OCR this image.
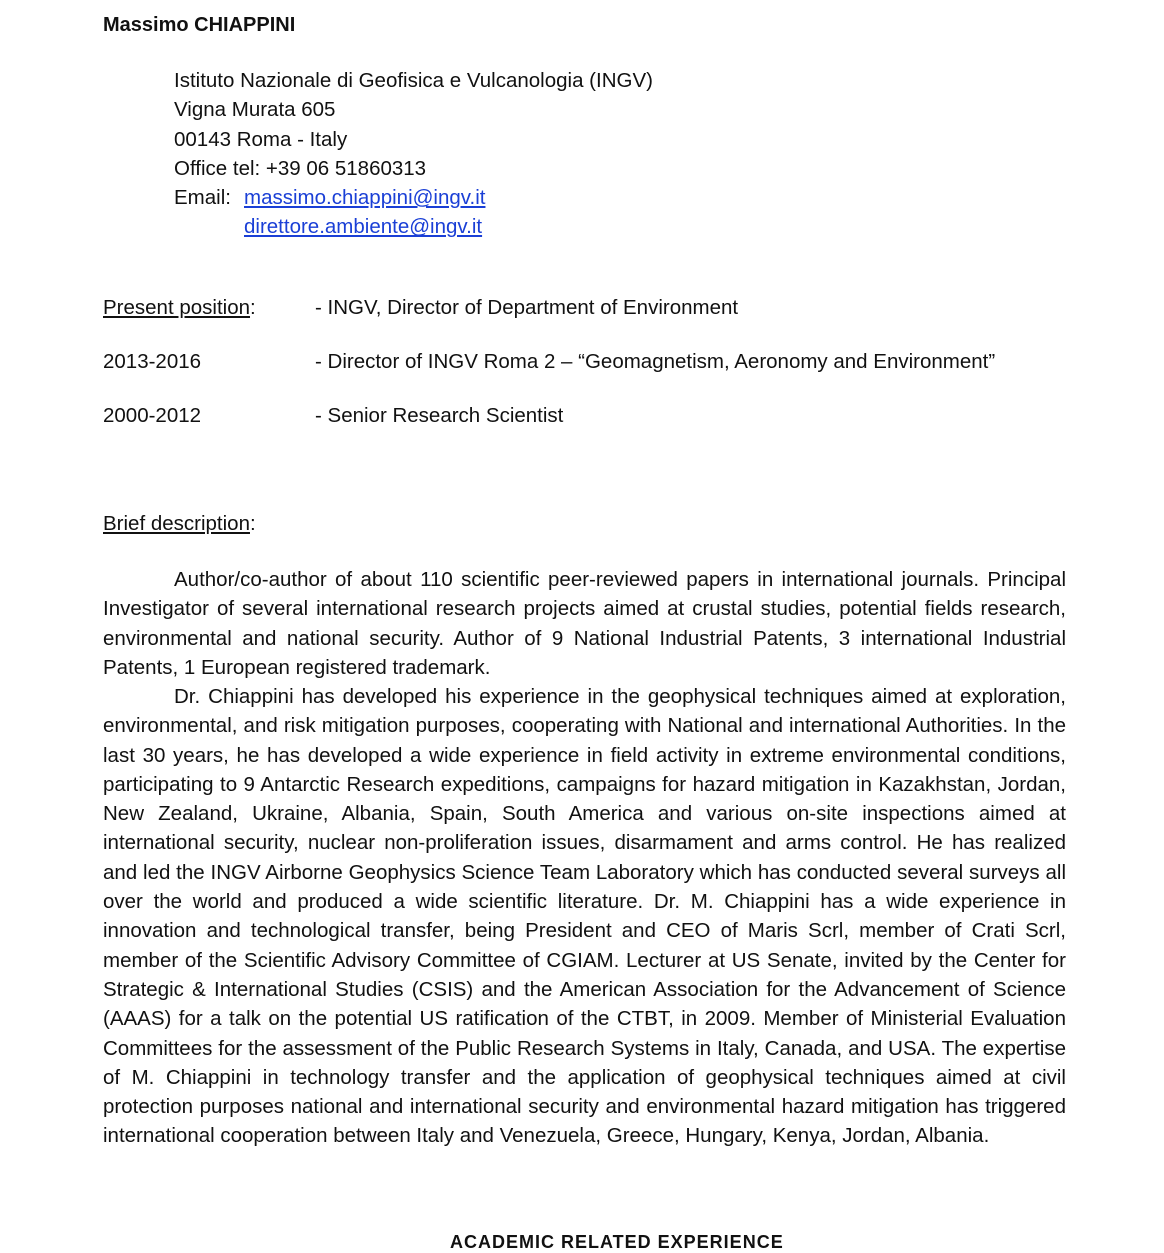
Massimo CHIAPPINI
Istituto Nazionale di Geofisica e Vulcanologia (INGV)
Vigna Murata 605
00143 Roma - Italy
Office tel: +39 06 51860313
Email: massimo.chiappini@ingv.it
direttore.ambiente@ingv.it
Present position:	- INGV, Director of Department of Environment
2013-2016	- Director of INGV Roma 2 – “Geomagnetism, Aeronomy and Environment”
2000-2012	- Senior Research Scientist
Brief description:

Author/co-author of about 110 scientific peer-reviewed papers in international journals. Principal Investigator of several international research projects aimed at crustal studies, potential fields research, environmental and national security. Author of 9 National Industrial Patents, 3 international Industrial Patents, 1 European registered trademark.

Dr. Chiappini has developed his experience in the geophysical techniques aimed at exploration, environmental, and risk mitigation purposes, cooperating with National and international Authorities. In the last 30 years, he has developed a wide experience in field activity in extreme environmental conditions, participating to 9 Antarctic Research expeditions, campaigns for hazard mitigation in Kazakhstan, Jordan, New Zealand, Ukraine, Albania, Spain, South America and various on-site inspections aimed at international security, nuclear non-proliferation issues, disarmament and arms control. He has realized and led the INGV Airborne Geophysics Science Team Laboratory which has conducted several surveys all over the world and produced a wide scientific literature. Dr. M. Chiappini has a wide experience in innovation and technological transfer, being President and CEO of Maris Scrl, member of Crati Scrl, member of the Scientific Advisory Committee of CGIAM. Lecturer at US Senate, invited by the Center for Strategic & International Studies (CSIS) and the American Association for the Advancement of Science (AAAS) for a talk on the potential US ratification of the CTBT, in 2009. Member of Ministerial Evaluation Committees for the assessment of the Public Research Systems in Italy, Canada, and USA. The expertise of M. Chiappini in technology transfer and the application of geophysical techniques aimed at civil protection purposes national and international security and environmental hazard mitigation has triggered international cooperation between Italy and Venezuela, Greece, Hungary, Kenya, Jordan, Albania.

ACADEMIC RELATED EXPERIENCE
